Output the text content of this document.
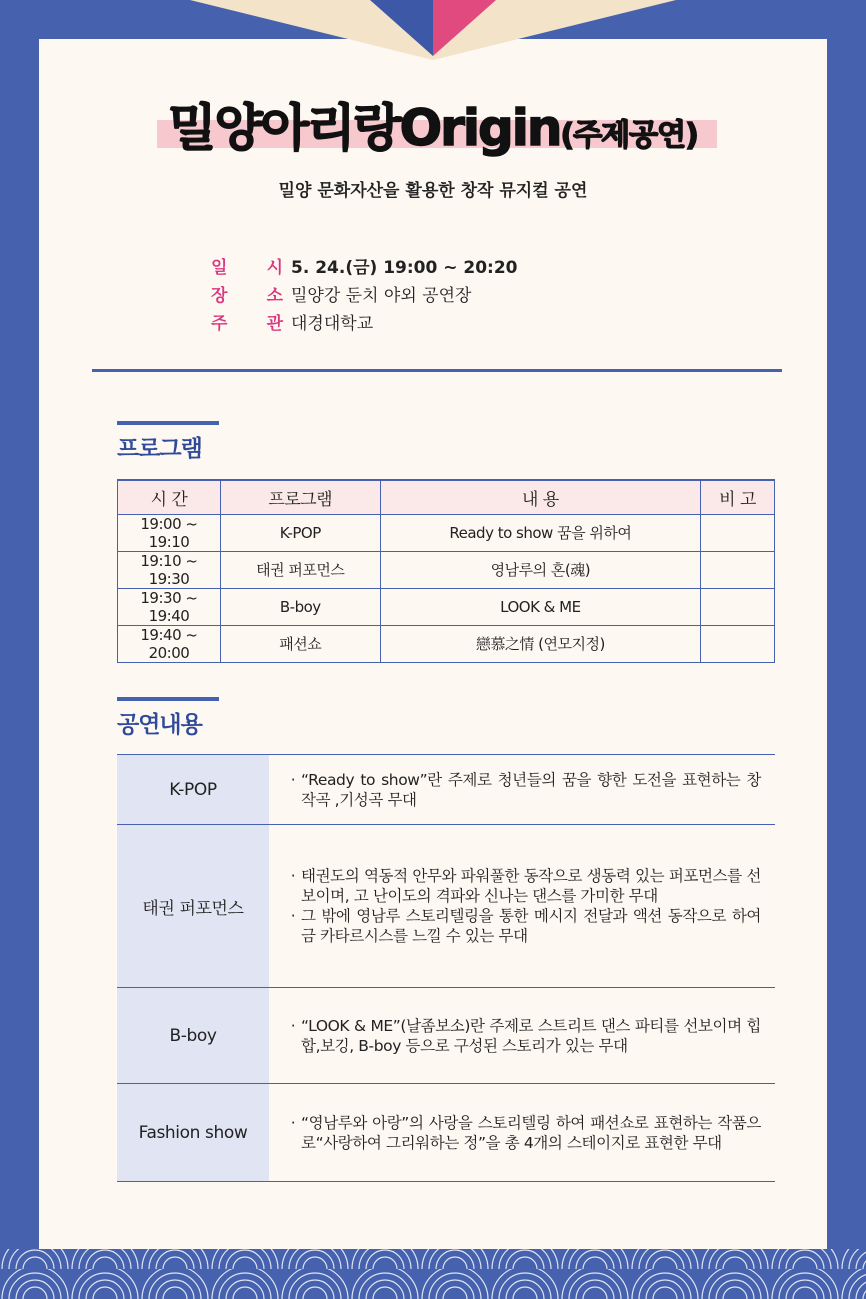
밀양아리랑Origin(주제공연)
밀양 문화자산을 활용한 창작 뮤지컬 공연
일 시 5. 24.(금) 19:00 ~ 20:20
장 소 밀양강 둔치 야외 공연장
주 관 대경대학교
프로그램
시 간	프로그램	내 용	비 고
19:00 ~ 19:10	K-POP	Ready to show 꿈을 위하여	
19:10 ~ 19:30	태권 퍼포먼스	영남루의 혼(魂)	
19:30 ~ 19:40	B-boy	LOOK & ME	
19:40 ~ 20:00	패션쇼	戀慕之情 (연모지정)	
공연내용
K-POP	· “Ready to show”란 주제로 청년들의 꿈을 향한 도전을 표현하는 창작곡 ,기성곡 무대

태권 퍼포먼스	· 태권도의 역동적 안무와 파워풀한 동작으로 생동력 있는 퍼포먼스를 선보이며, 고 난이도의 격파와 신나는 댄스를 가미한 무대
· 그 밖에 영남루 스토리텔링을 통한 메시지 전달과 액션 동작으로 하여금 카타르시스를 느낄 수 있는 무대

B-boy	· “LOOK & ME”(날좀보소)란 주제로 스트리트 댄스 파티를 선보이며 힙합,보깅, B-boy 등으로 구성된 스토리가 있는 무대

Fashion show	· “영남루와 아랑”의 사랑을 스토리텔링 하여 패션쇼로 표현하는 작품으로“사랑하여 그리워하는 정”을 총 4개의 스테이지로 표현한 무대
